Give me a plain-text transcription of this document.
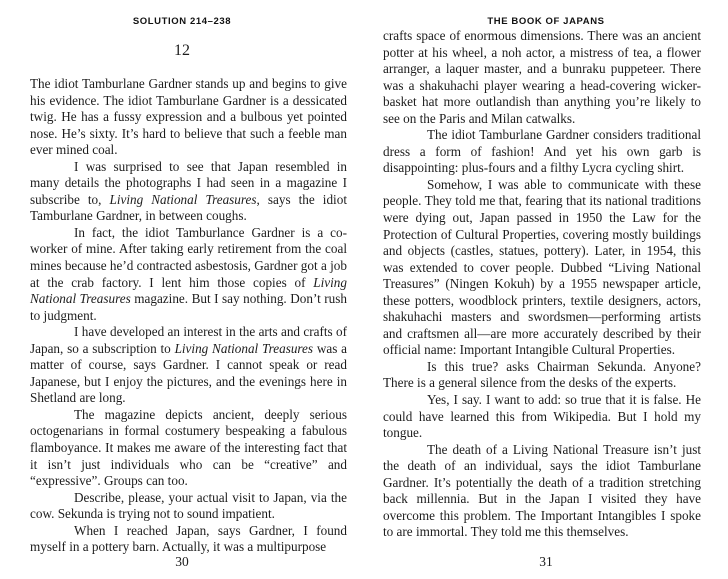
SOLUTION 214–238
12

The idiot Tamburlane Gardner stands up and begins to give his evidence. The idiot Tamburlane Gardner is a dessicated twig. He has a fussy expression and a bulbous yet pointed nose. He’s sixty. It’s hard to believe that such a feeble man ever mined coal.

I was surprised to see that Japan resembled in many details the photographs I had seen in a magazine I subscribe to, Living National Treasures, says the idiot Tamburlane Gardner, in between coughs.

In fact, the idiot Tamburlance Gardner is a co-worker of mine. After taking early retirement from the coal mines because he’d contracted asbestosis, Gardner got a job at the crab factory. I lent him those copies of Living National Treasures magazine. But I say nothing. Don’t rush to judgment.

I have developed an interest in the arts and crafts of Japan, so a subscription to Living National Treasures was a matter of course, says Gardner. I cannot speak or read Japanese, but I enjoy the pictures, and the evenings here in Shetland are long.

The magazine depicts ancient, deeply serious octogenarians in formal costumery bespeaking a fabulous flamboyance. It makes me aware of the interesting fact that it isn’t just individuals who can be “creative” and “expressive”. Groups can too.

Describe, please, your actual visit to Japan, via the cow. Sekunda is trying not to sound impatient.

When I reached Japan, says Gardner, I found myself in a pottery barn. Actually, it was a multipurpose

30
THE BOOK OF JAPANS

crafts space of enormous dimensions. There was an ancient potter at his wheel, a noh actor, a mistress of tea, a flower arranger, a laquer master, and a bunraku puppeteer. There was a shakuhachi player wearing a head-covering wicker-basket hat more outlandish than anything you’re likely to see on the Paris and Milan catwalks.

The idiot Tamburlane Gardner considers traditional dress a form of fashion! And yet his own garb is disappointing: plus-fours and a filthy Lycra cycling shirt.

Somehow, I was able to communicate with these people. They told me that, fearing that its national traditions were dying out, Japan passed in 1950 the Law for the Protection of Cultural Properties, covering mostly buildings and objects (castles, statues, pottery). Later, in 1954, this was extended to cover people. Dubbed “Living National Treasures” (Ningen Kokuh) by a 1955 newspaper article, these potters, woodblock printers, textile designers, actors, shakuhachi masters and swordsmen—performing artists and craftsmen all—are more accurately described by their official name: Important Intangible Cultural Properties.

Is this true? asks Chairman Sekunda. Anyone? There is a general silence from the desks of the experts.

Yes, I say. I want to add: so true that it is false. He could have learned this from Wikipedia. But I hold my tongue.

The death of a Living National Treasure isn’t just the death of an individual, says the idiot Tamburlane Gardner. It’s potentially the death of a tradition stretching back millennia. But in the Japan I visited they have overcome this problem. The Important Intangibles I spoke to are immortal. They told me this themselves.

31
